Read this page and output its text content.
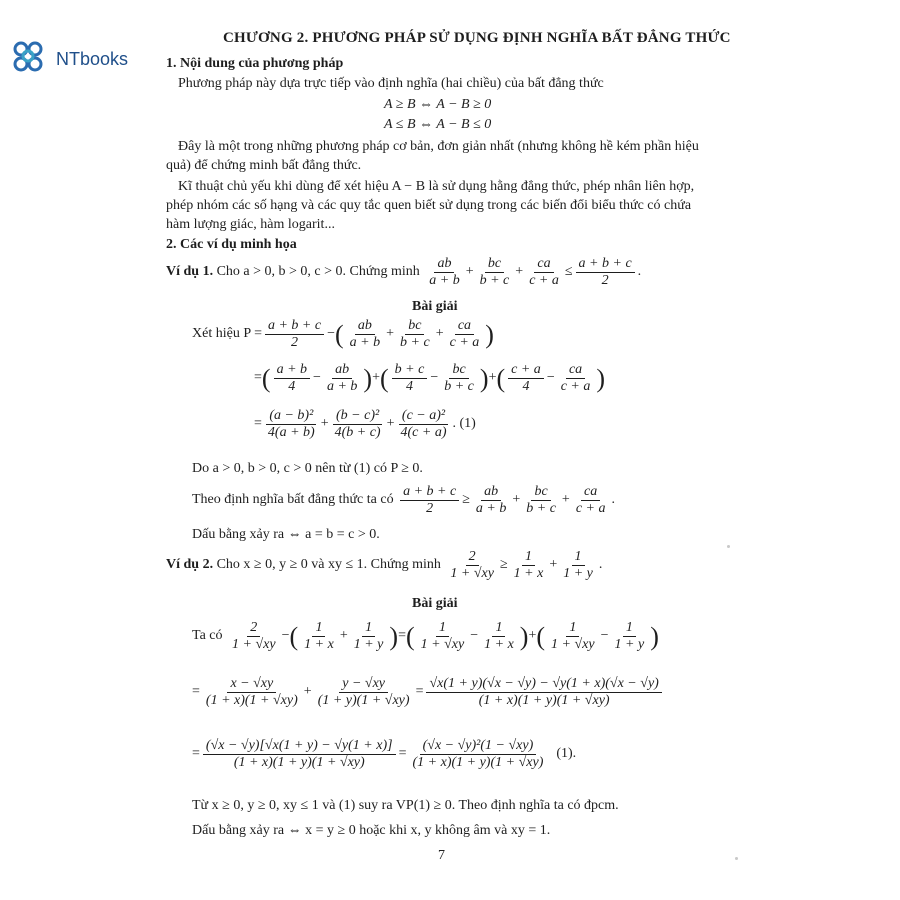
CHƯƠNG 2. PHƯƠNG PHÁP SỬ DỤNG ĐỊNH NGHĨA BẤT ĐẲNG THỨC
NTbooks	1. Nội dung của phương pháp
Phương pháp này dựa trực tiếp vào định nghĩa (hai chiều) của bất đẳng thức
A ≥ B ⇔ A − B ≥ 0
A ≤ B ⇔ A − B ≤ 0
Đây là một trong những phương pháp cơ bản, đơn giản nhất (nhưng không hề kém phần hiệu
quả) để chứng minh bất đẳng thức.
Kĩ thuật chủ yếu khi dùng để xét hiệu A − B là sử dụng hằng đẳng thức, phép nhân liên hợp,
phép nhóm các số hạng và các quy tắc quen biết sử dụng trong các biến đổi biểu thức có chứa
hàm lượng giác, hàm logarit...
2. Các ví dụ minh họa
Ví dụ 1.
Cho a > 0, b > 0, c > 0. Chứng minh
$\frac{ab}{a + b} + \frac{bc}{b + c} + \frac{ca}{c + a} \le \frac{a + b + c}{2}$ .
Bài giải
Xét hiệu $P = \frac{a + b + c}{2}$ − ( $\frac{ab}{a + b} + \frac{bc}{b + c} + \frac{ca}{c + a}$ )
= ( $\frac{a + b}{4} - \frac{ab}{a + b}$ ) + ( $\frac{b + c}{4} - \frac{bc}{b + c}$ ) + ( $\frac{c + a}{4} - \frac{ca}{c + a}$ )
= $\frac{\text{(a − b)²}}{4(a + b)} + \frac{\text{(b − c)²}}{4(b + c)} + \frac{\text{(c − a)²}}{4(c + a)}$ . (1)
Do a > 0, b > 0, c > 0 nên từ (1) có P ≥ 0.
Theo định nghĩa bất đẳng thức ta có
$\frac{a + b + c}{2} \ge \frac{ab}{a + b} + \frac{bc}{b + c} + \frac{ca}{c + a}$ .
Dấu bằng xảy ra ⇔ a = b = c > 0.
Ví dụ 2.
Cho x ≥ 0, y ≥ 0 và xy ≤ 1. Chứng minh
$\frac{2}{1 + √xy} \ge \frac{1}{1 + x} + \frac{1}{1 + y}$ .
Bài giải
Ta có
$\frac{2}{1 + √xy}$ − ( $\frac{1}{1 + x} + \frac{1}{1 + y}$ ) = ( $\frac{1}{1 + √xy} - \frac{1}{1 + x}$ ) + ( $\frac{1}{1 + √xy} - \frac{1}{1 + y}$ )
= $\frac{x - √xy}{(1 + x)(1 + √xy)} + \frac{y - √xy}{(1 + y)(1 + √xy)} = \frac{√x(1 + y)(√x - √y) - √y(1 + x)(√x - √y)}{(1 + x)(1 + y)(1 + √xy)}$
= $\frac{(√x - √y)[√x(1 + y) - √y(1 + x)]}{(1 + x)(1 + y)(1 + √xy)} = \frac{\text{(√x − √y)²(1 − √xy)}}{(1 + x)(1 + y)(1 + √xy)}$
(1).
Từ x ≥ 0, y ≥ 0, xy ≤ 1 và (1) suy ra VP(1) ≥ 0. Theo định nghĩa ta có đpcm.
Dấu bằng xảy ra ⇔ x = y ≥ 0 hoặc khi x, y không âm và xy = 1.
7
